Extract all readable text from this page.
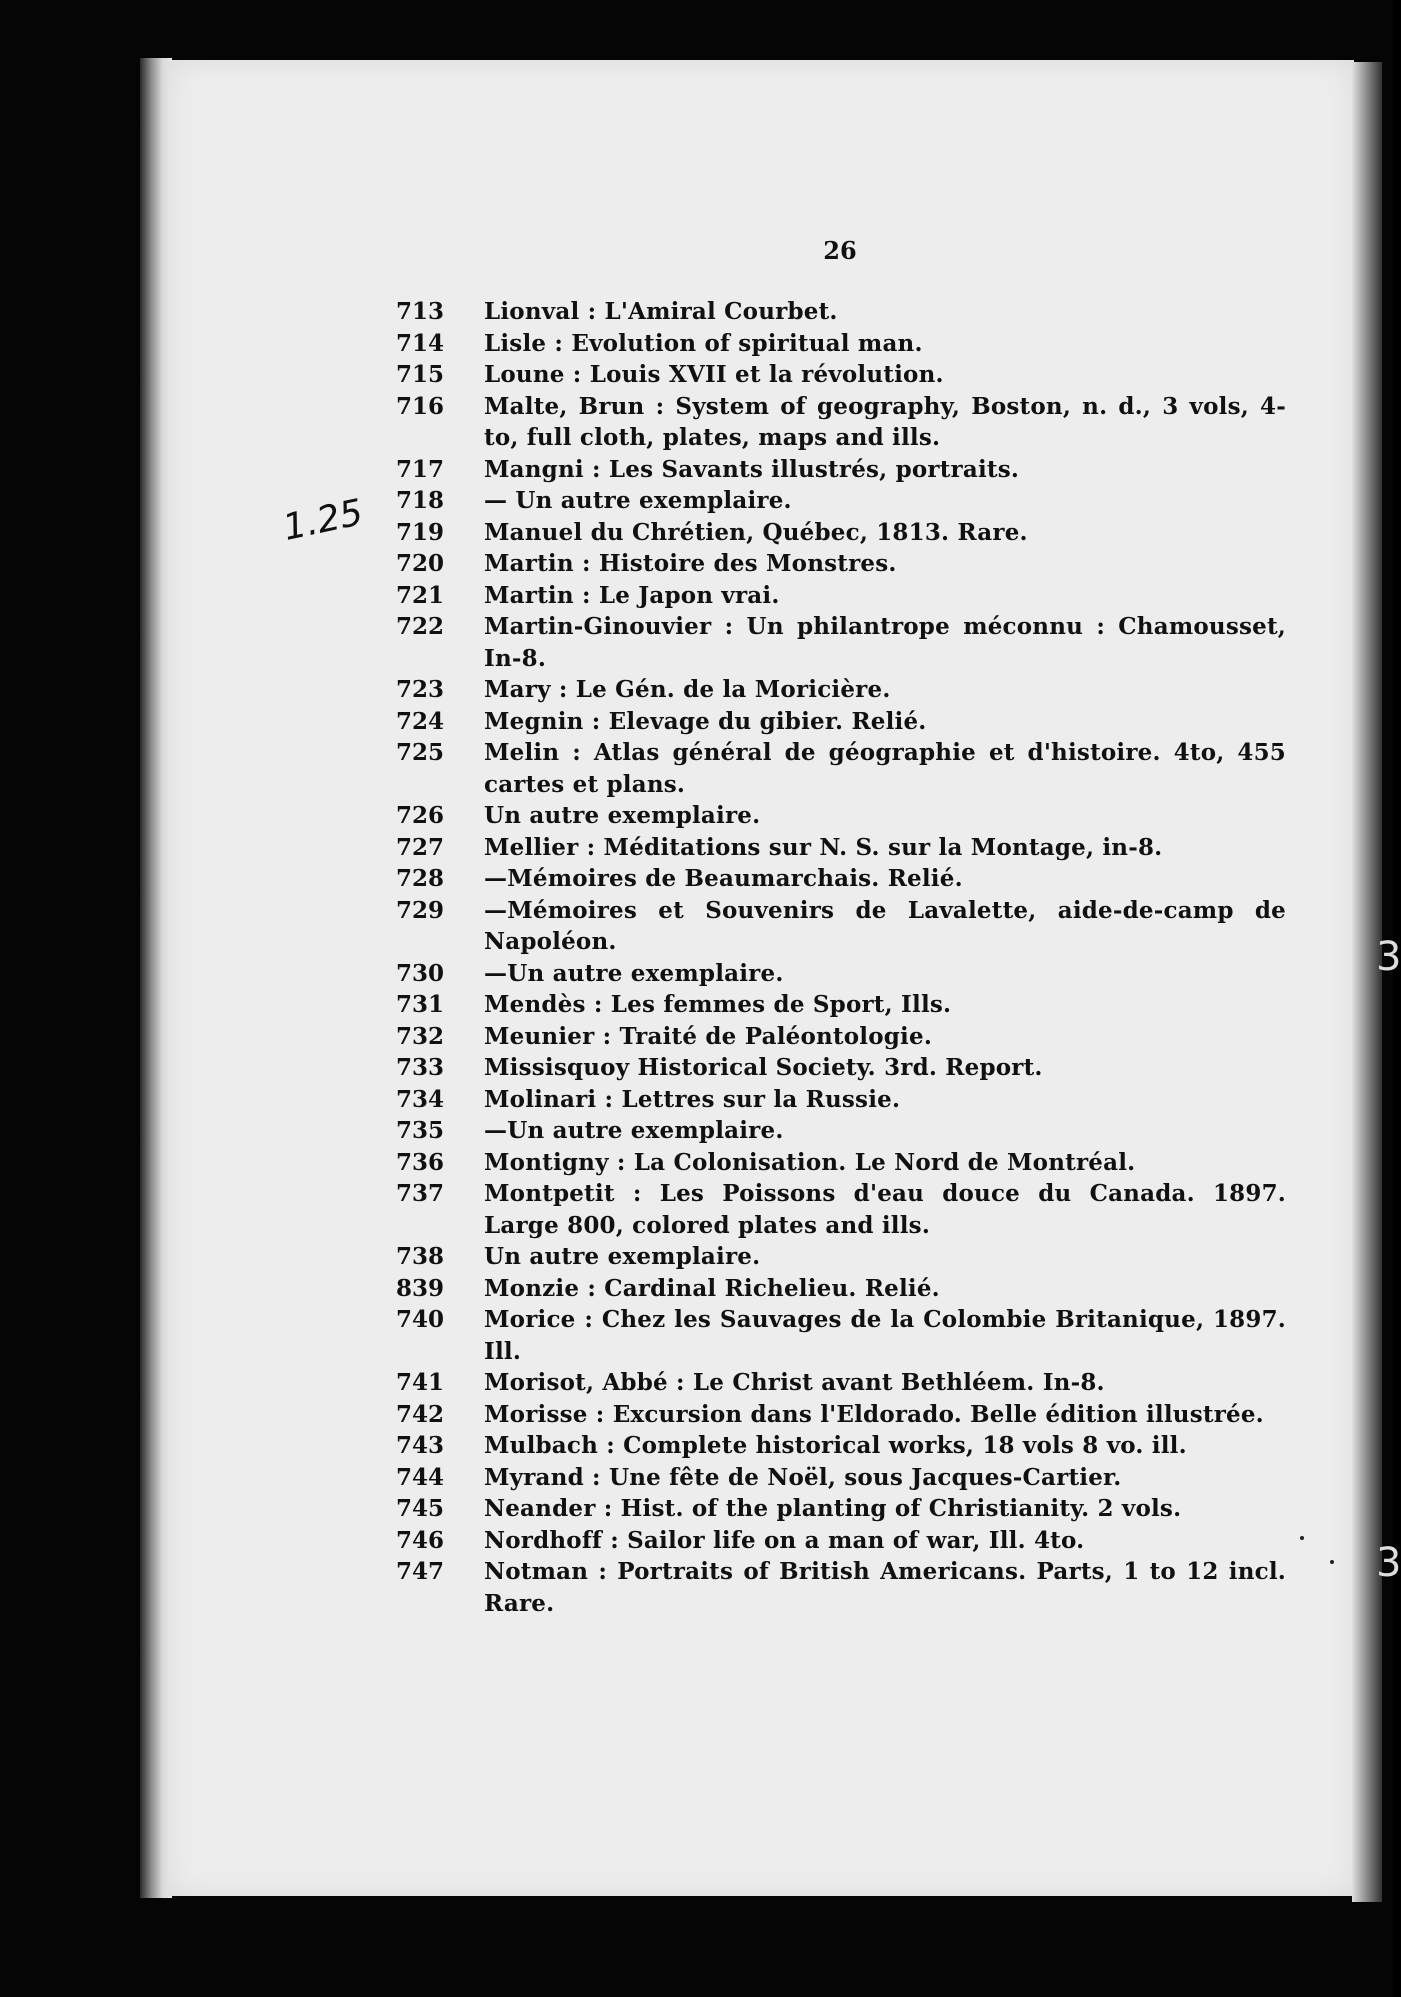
26
1.25
3
3
713	Lionval : L'Amiral Courbet.
714	Lisle : Evolution of spiritual man.
715	Loune : Louis XVII et la révolution.
716	Malte, Brun : System of geography, Boston, n. d., 3 vols, 4-to, full cloth, plates, maps and ills.
717	Mangni : Les Savants illustrés, portraits.
718	— Un autre exemplaire.
719	Manuel du Chrétien, Québec, 1813. Rare.
720	Martin : Histoire des Monstres.
721	Martin : Le Japon vrai.
722	Martin-Ginouvier : Un philantrope méconnu : Chamousset, In-8.
723	Mary : Le Gén. de la Moricière.
724	Megnin : Elevage du gibier. Relié.
725	Melin : Atlas général de géographie et d'histoire. 4to, 455 cartes et plans.
726	Un autre exemplaire.
727	Mellier : Méditations sur N. S. sur la Montage, in-8.
728	—Mémoires de Beaumarchais. Relié.
729	—Mémoires et Souvenirs de Lavalette, aide-de-camp de Napoléon.
730	—Un autre exemplaire.
731	Mendès : Les femmes de Sport, Ills.
732	Meunier : Traité de Paléontologie.
733	Missisquoy Historical Society. 3rd. Report.
734	Molinari : Lettres sur la Russie.
735	—Un autre exemplaire.
736	Montigny : La Colonisation. Le Nord de Montréal.
737	Montpetit : Les Poissons d'eau douce du Canada. 1897. Large 800, colored plates and ills.
738	Un autre exemplaire.
839	Monzie : Cardinal Richelieu. Relié.
740	Morice : Chez les Sauvages de la Colombie Britanique, 1897. Ill.
741	Morisot, Abbé : Le Christ avant Bethléem. In-8.
742	Morisse : Excursion dans l'Eldorado. Belle édition illustrée.
743	Mulbach : Complete historical works, 18 vols 8 vo. ill.
744	Myrand : Une fête de Noël, sous Jacques-Cartier.
745	Neander : Hist. of the planting of Christianity. 2 vols.
746	Nordhoff : Sailor life on a man of war, Ill. 4to.
747	Notman : Portraits of British Americans. Parts, 1 to 12 incl. Rare.
